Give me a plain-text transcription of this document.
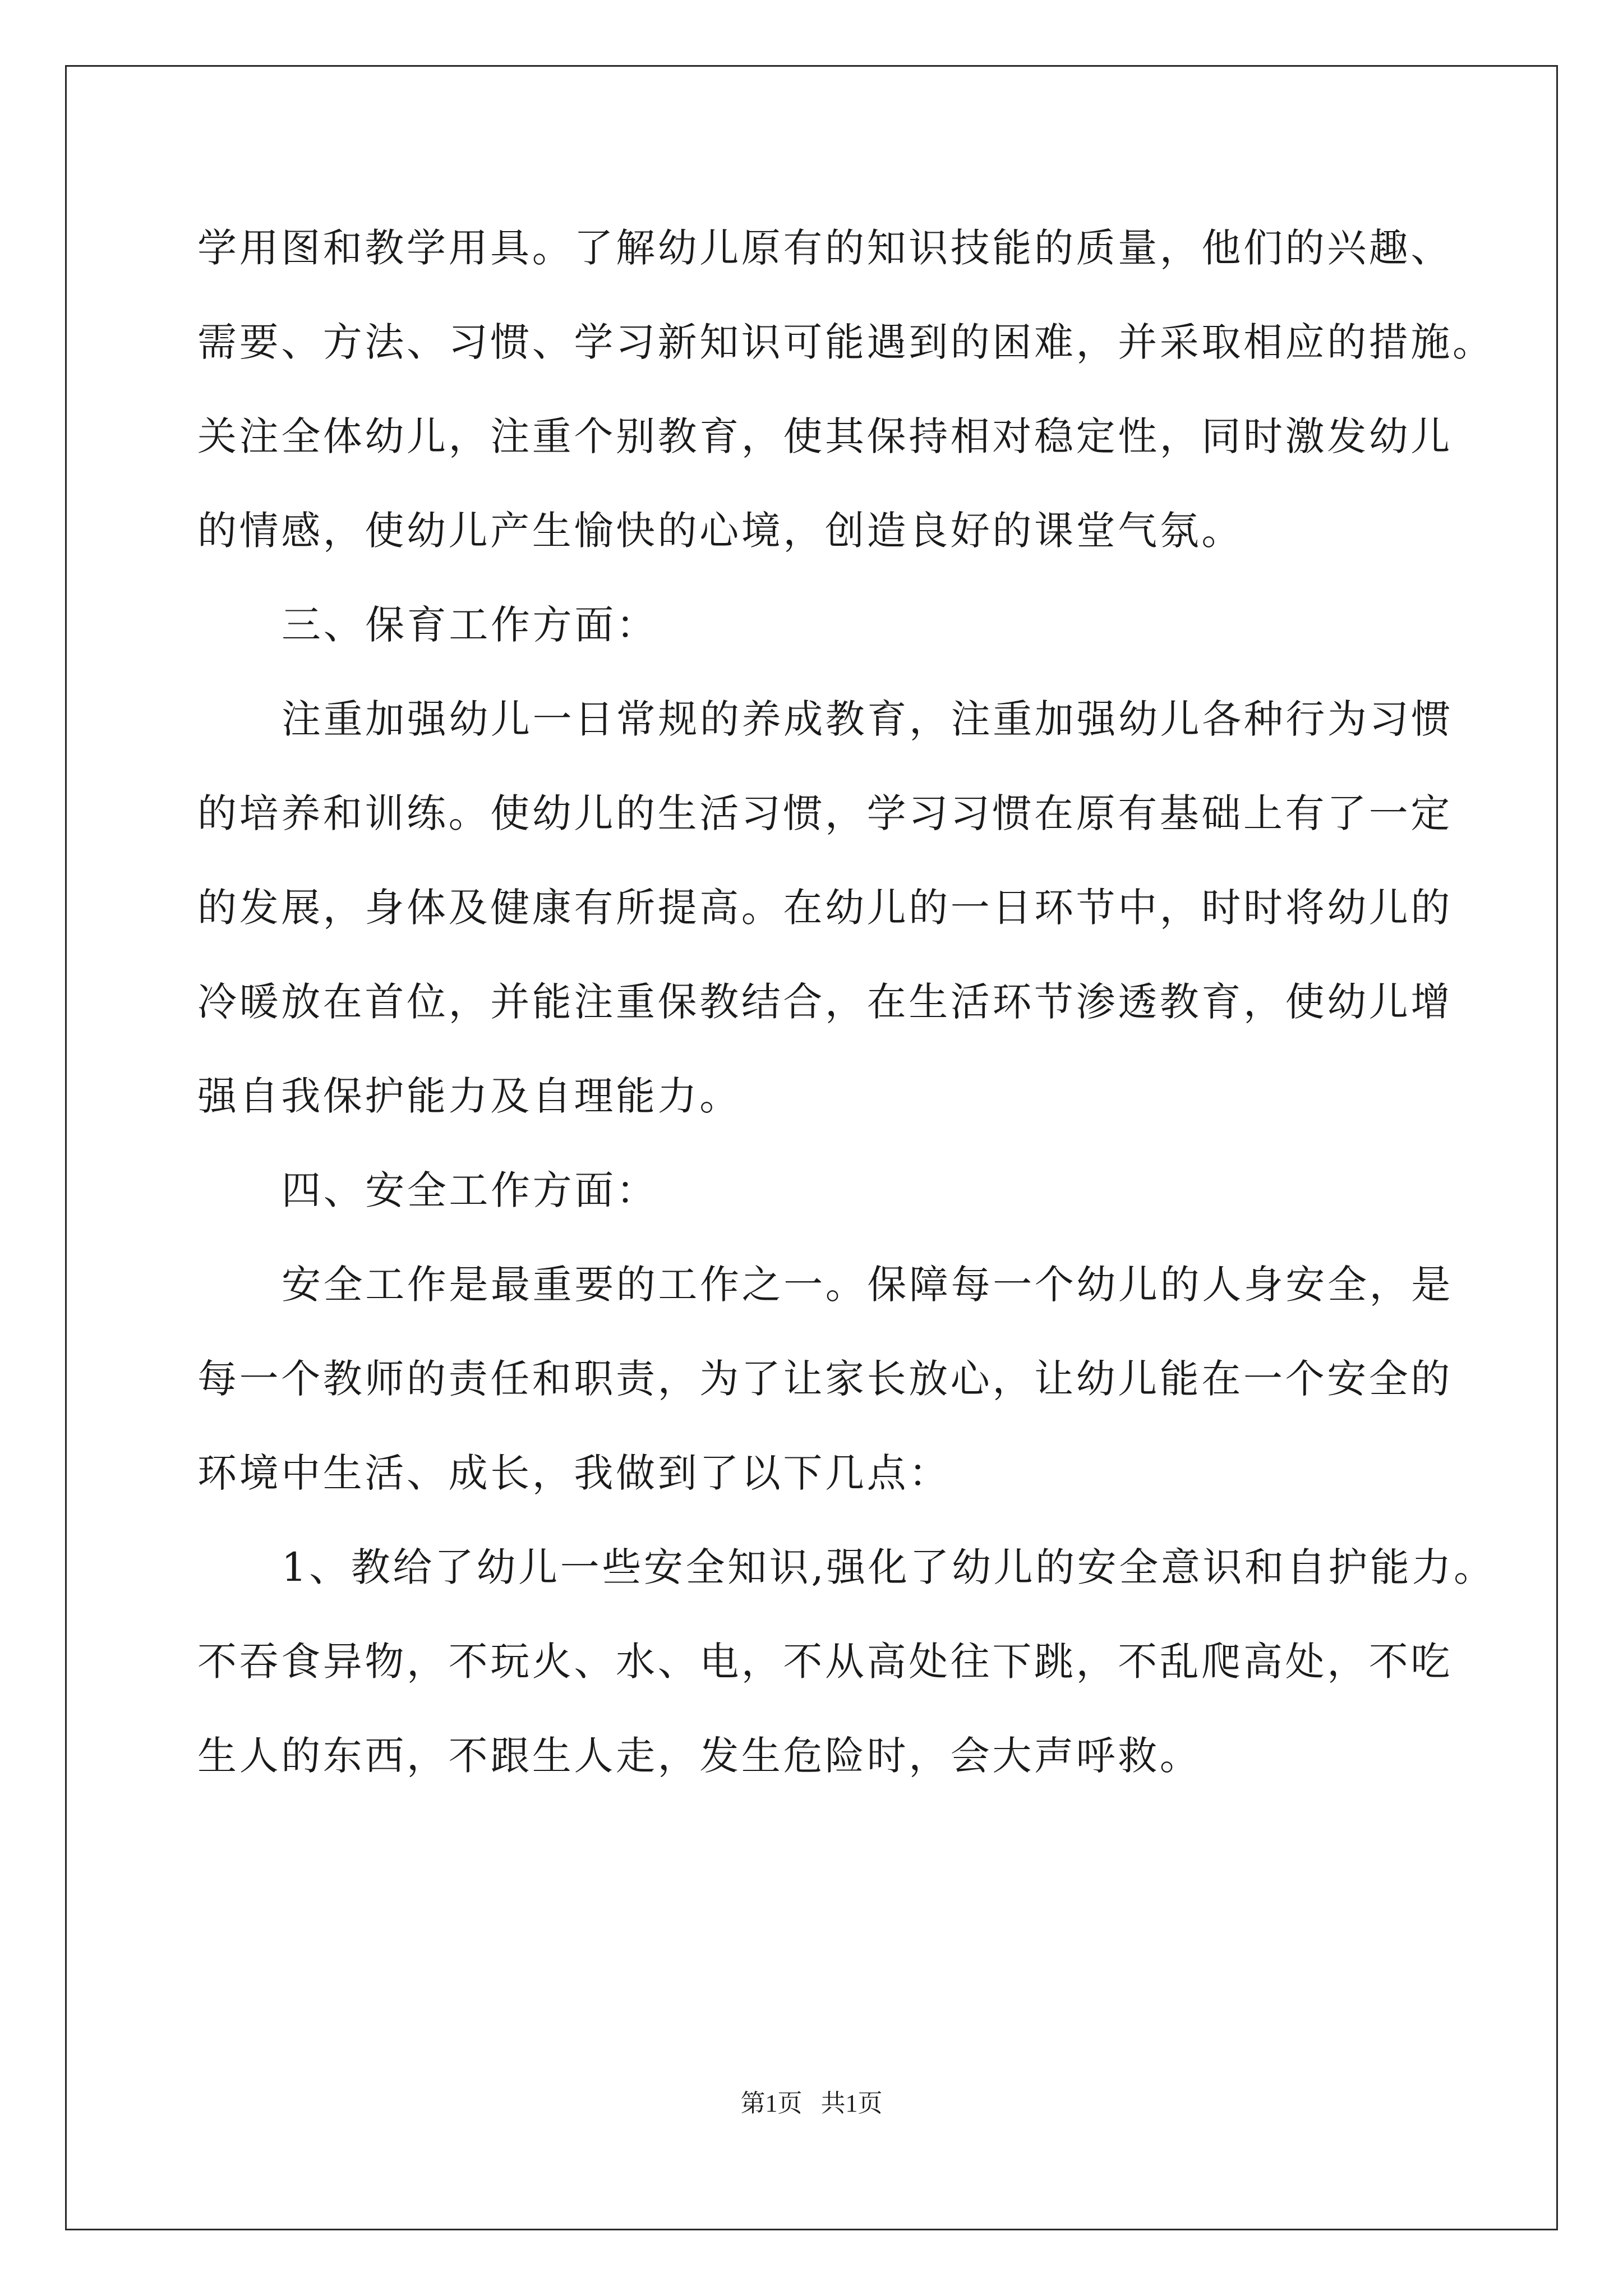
学用图和教学用具。了解幼儿原有的知识技能的质量，他们的兴趣、
需要、方法、习惯、学习新知识可能遇到的困难，并采取相应的措施。
关注全体幼儿，注重个别教育，使其保持相对稳定性，同时激发幼儿
的情感，使幼儿产生愉快的心境，创造良好的课堂气氛。
三、保育工作方面：
注重加强幼儿一日常规的养成教育，注重加强幼儿各种行为习惯
的培养和训练。使幼儿的生活习惯，学习习惯在原有基础上有了一定
的发展，身体及健康有所提高。在幼儿的一日环节中，时时将幼儿的
冷暖放在首位，并能注重保教结合，在生活环节渗透教育，使幼儿增
强自我保护能力及自理能力。
四、安全工作方面：
安全工作是最重要的工作之一。保障每一个幼儿的人身安全，是
每一个教师的责任和职责，为了让家长放心，让幼儿能在一个安全的
环境中生活、成长，我做到了以下几点：
1、教给了幼儿一些安全知识,强化了幼儿的安全意识和自护能力。
不吞食异物，不玩火、水、电，不从高处往下跳，不乱爬高处，不吃
生人的东西，不跟生人走，发生危险时，会大声呼救。
第1页 共1页
